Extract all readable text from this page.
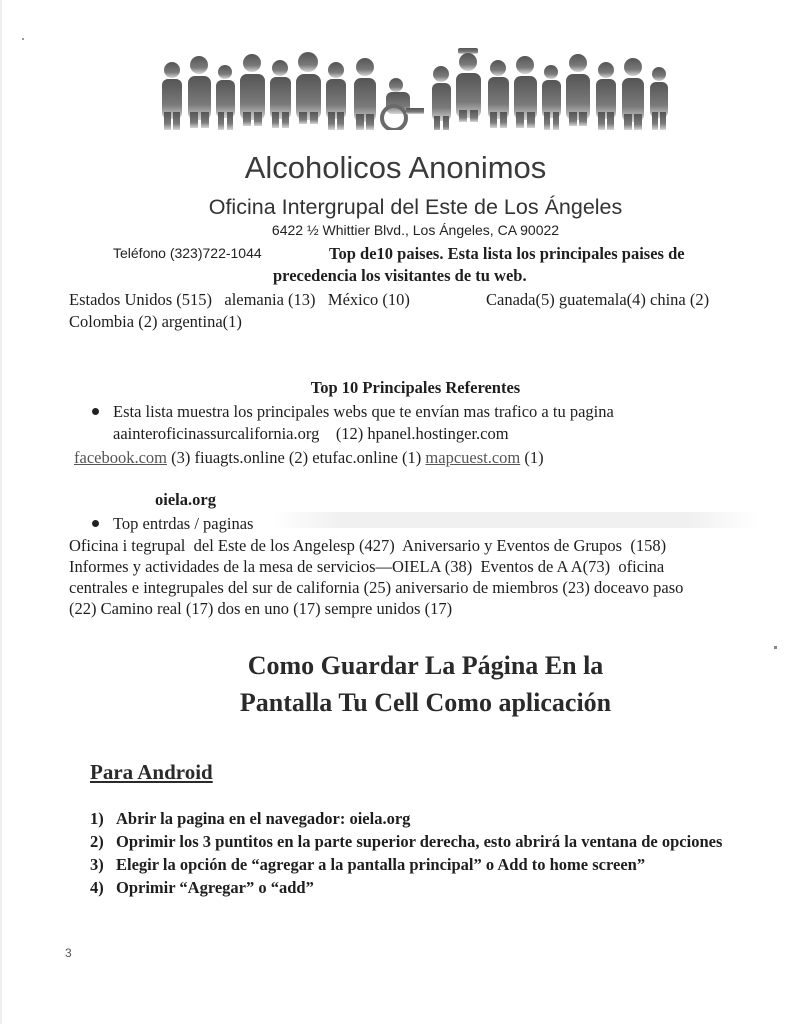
Alcoholicos Anonimos
Oficina Intergrupal del Este de Los Ángeles
6422 ½ Whittier Blvd., Los Ángeles, CA 90022
Teléfono (323)722-1044	Top de10 paises. Esta lista los principales paises de
precedencia los visitantes de tu web.
Estados Unidos (515)   alemania (13)   México (10)	Canada(5) guatemala(4) china (2)
Colombia (2) argentina(1)
Top 10 Principales Referentes
Esta lista muestra los principales webs que te envían mas trafico a tu pagina
aainteroficinassurcalifornia.org    (12) hpanel.hostinger.com
facebook.com (3) fiuagts.online (2) etufac.online (1) mapcuest.com (1)
oiela.org
Top entrdas / paginas
Oficina i tegrupal  del Este de los Angelesp (427)  Aniversario y Eventos de Grupos  (158)
Informes y actividades de la mesa de servicios—OIELA (38)  Eventos de A A(73)  oficina
centrales e integrupales del sur de california (25) aniversario de miembros (23) doceavo paso
(22) Camino real (17) dos en uno (17) sempre unidos (17)
Como Guardar La Página En la
Pantalla Tu Cell Como aplicación
Para Android
1) Abrir la pagina en el navegador: oiela.org
2) Oprimir los 3 puntitos en la parte superior derecha, esto abrirá la ventana de opciones
3) Elegir la opción de “agregar a la pantalla principal” o Add to home screen”
4) Oprimir “Agregar” o “add”
3
